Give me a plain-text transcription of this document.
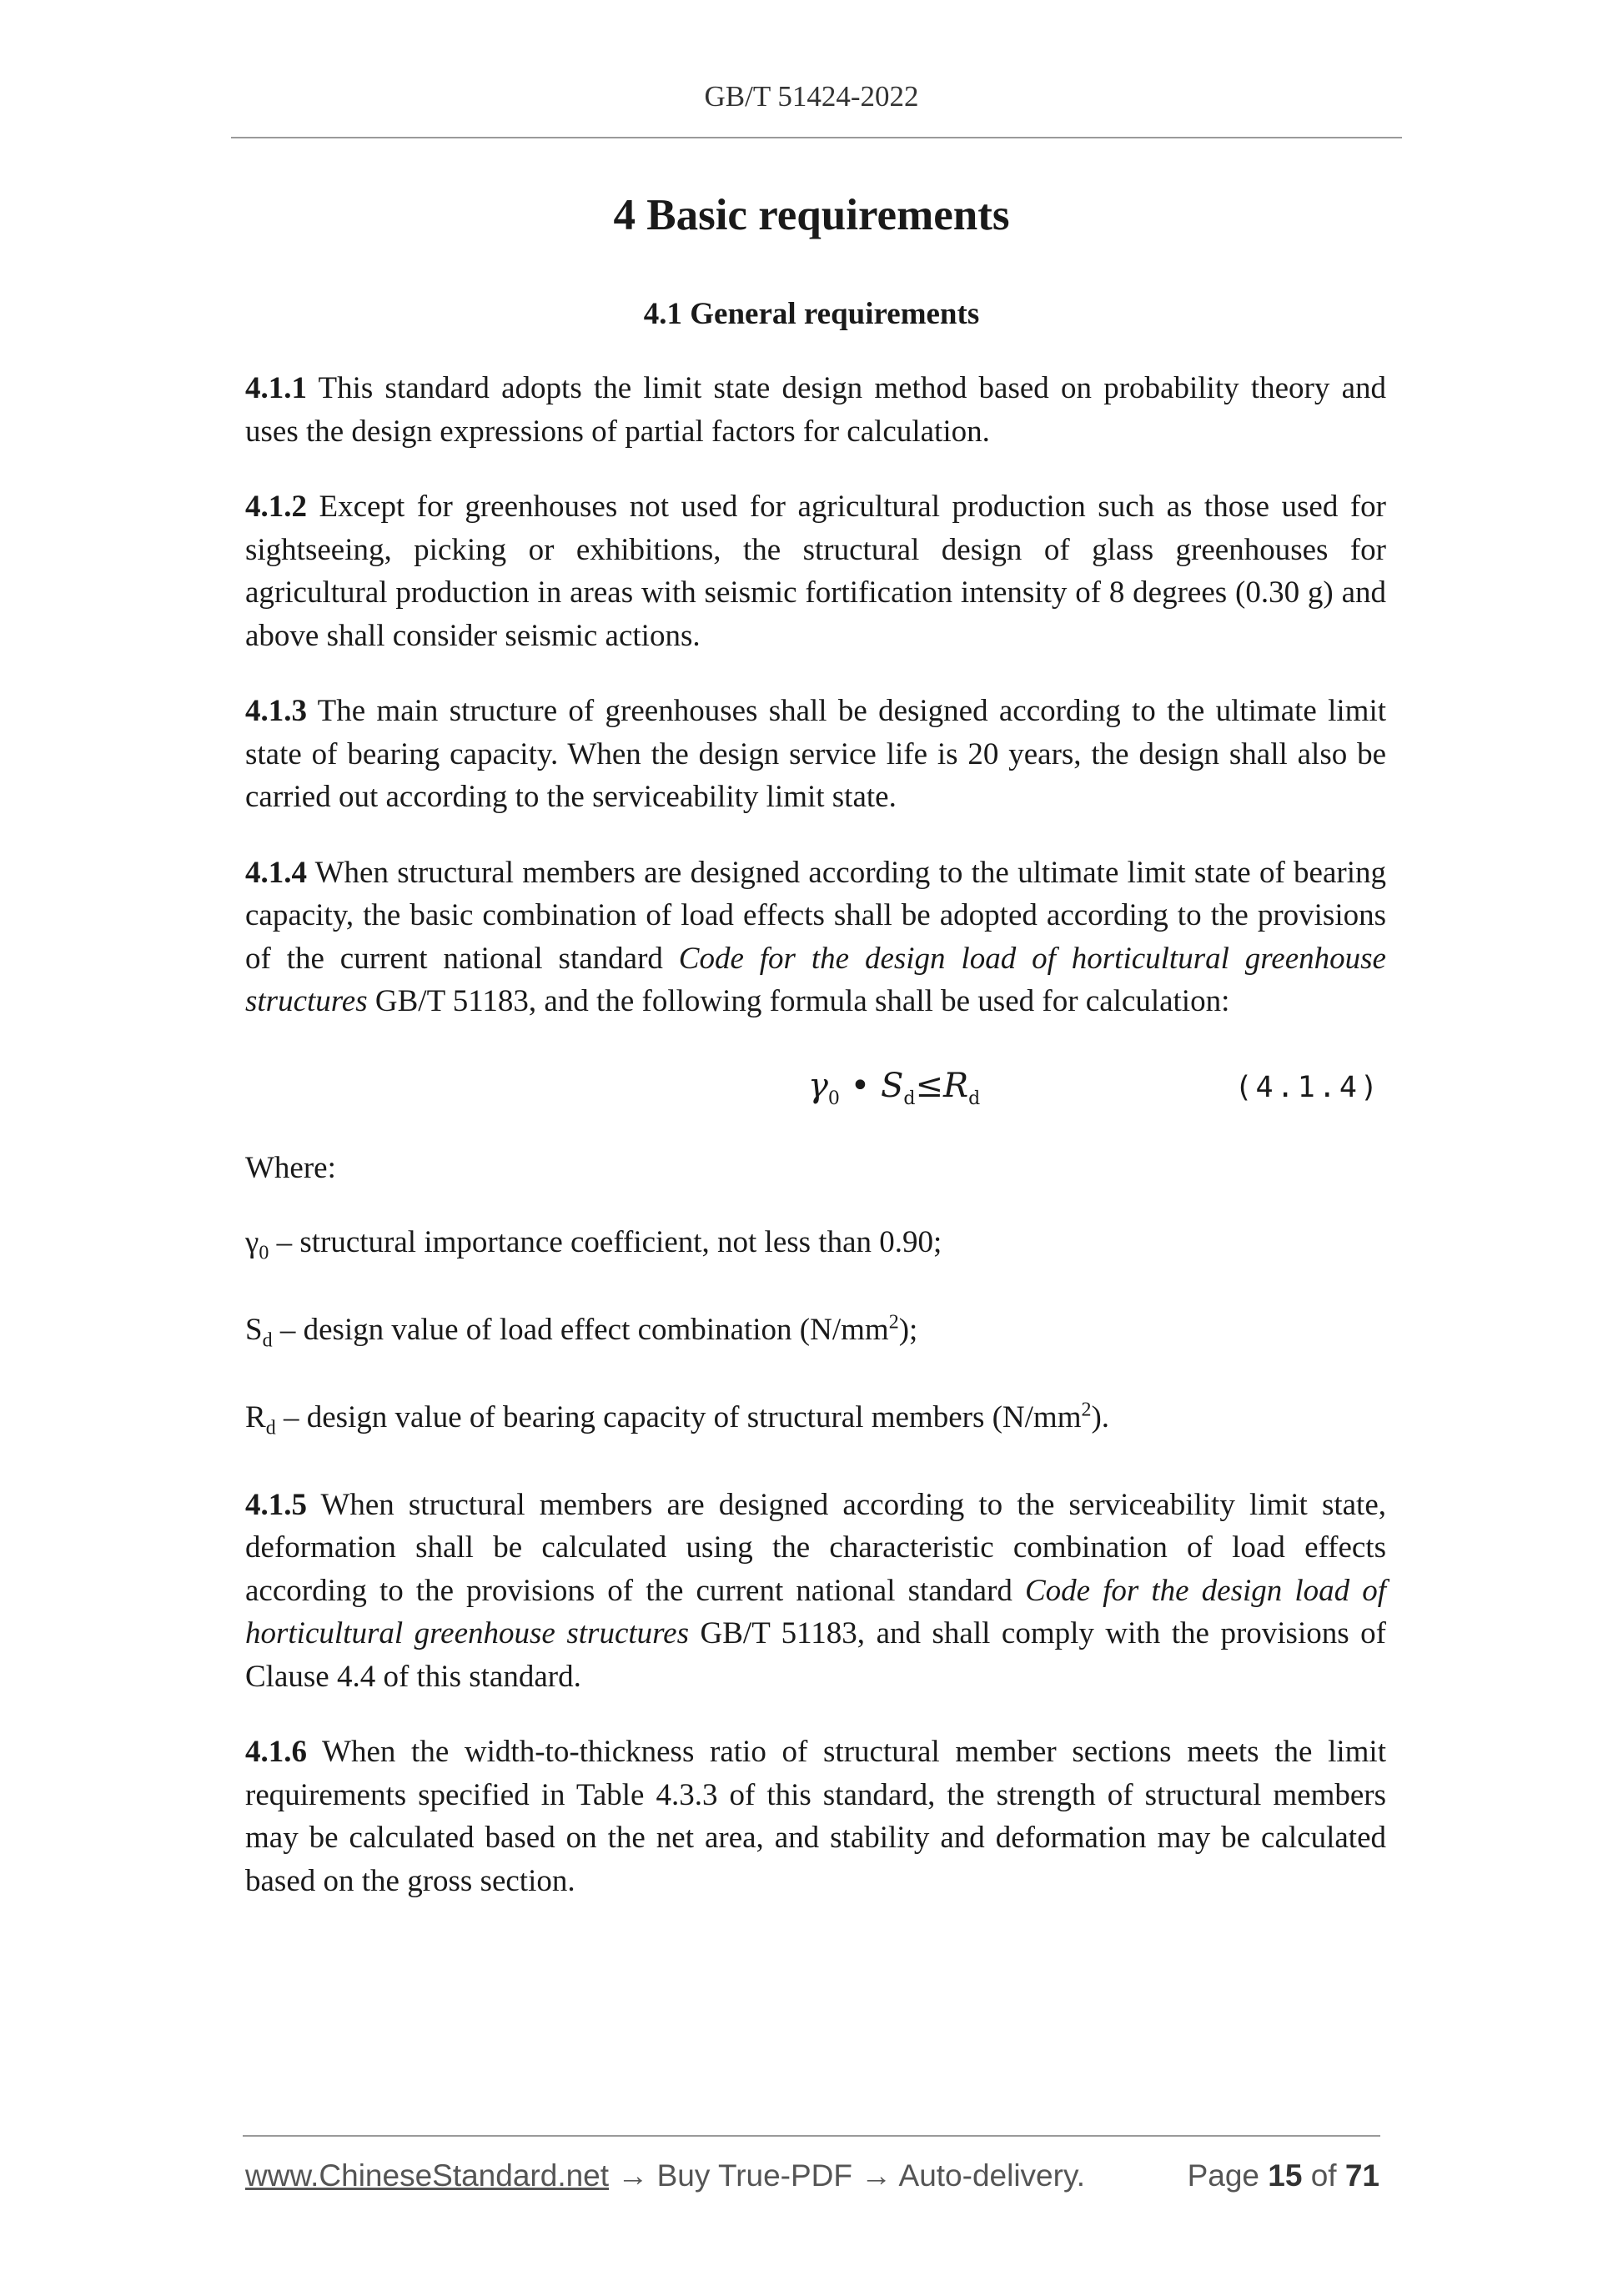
GB/T 51424-2022
4 Basic requirements
4.1 General requirements

4.1.1 This standard adopts the limit state design method based on probability theory and uses the design expressions of partial factors for calculation.

4.1.2 Except for greenhouses not used for agricultural production such as those used for sightseeing, picking or exhibitions, the structural design of glass greenhouses for agricultural production in areas with seismic fortification intensity of 8 degrees (0.30 g) and above shall consider seismic actions.

4.1.3 The main structure of greenhouses shall be designed according to the ultimate limit state of bearing capacity. When the design service life is 20 years, the design shall also be carried out according to the serviceability limit state.

4.1.4 When structural members are designed according to the ultimate limit state of bearing capacity, the basic combination of load effects shall be adopted according to the provisions of the current national standard Code for the design load of horticultural greenhouse structures GB/T 51183, and the following formula shall be used for calculation:

$\gamma_0$ • $S_d\le R_d$	(4.1.4)

Where:

$\gamma_0$ – structural importance coefficient, not less than 0.90;

$S_d$ – design value of load effect combination $(N/mm^2)$;

$R_d$ – design value of bearing capacity of structural members $(N/mm^2)$.

4.1.5 When structural members are designed according to the serviceability limit state, deformation shall be calculated using the characteristic combination of load effects according to the provisions of the current national standard Code for the design load of horticultural greenhouse structures GB/T 51183, and shall comply with the provisions of Clause 4.4 of this standard.

4.1.6 When the width-to-thickness ratio of structural member sections meets the limit requirements specified in Table 4.3.3 of this standard, the strength of structural members may be calculated based on the net area, and stability and deformation may be calculated based on the gross section.

www.ChineseStandard.net → Buy True-PDF → Auto-delivery.	Page 15 of 71
